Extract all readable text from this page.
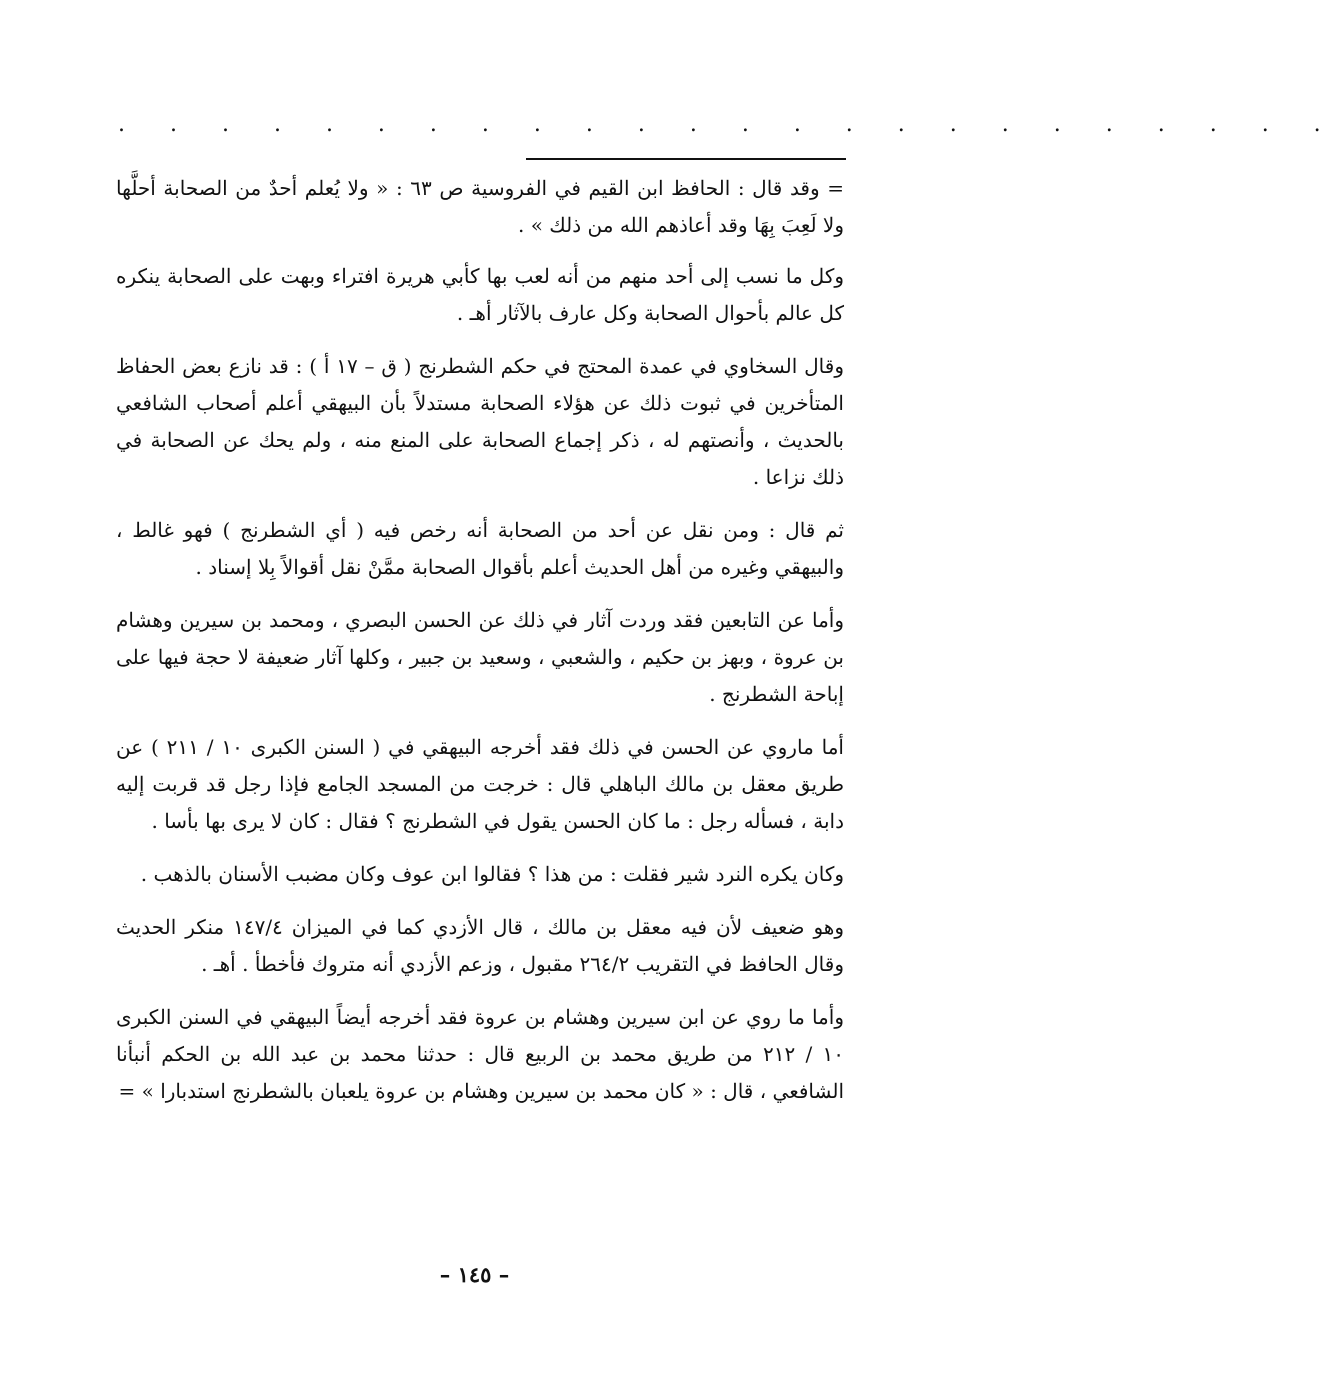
. . . . . . . . . . . . . . . . . . . . . . . .

= وقد قال : الحافظ ابن القيم في الفروسية ص ٦٣ : « ولا يُعلم أحدٌ من الصحابة أحلَّها ولا لَعِبَ بِهَا وقد أعاذهم الله من ذلك » .

وكل ما نسب إلى أحد منهم من أنه لعب بها كأبي هريرة افتراء وبهت على الصحابة ينكره كل عالم بأحوال الصحابة وكل عارف بالآثار أهـ .

وقال السخاوي في عمدة المحتج في حكم الشطرنج ( ق – ١٧ أ ) : قد نازع بعض الحفاظ المتأخرين في ثبوت ذلك عن هؤلاء الصحابة مستدلاً بأن البيهقي أعلم أصحاب الشافعي بالحديث ، وأنصتهم له ، ذكر إجماع الصحابة على المنع منه ، ولم يحك عن الصحابة في ذلك نزاعا .

ثم قال : ومن نقل عن أحد من الصحابة أنه رخص فيه ( أي الشطرنج ) فهو غالط ، والبيهقي وغيره من أهل الحديث أعلم بأقوال الصحابة ممَّنْ نقل أقوالاً بِلا إسناد .

وأما عن التابعين فقد وردت آثار في ذلك عن الحسن البصري ، ومحمد بن سيرين وهشام بن عروة ، وبهز بن حكيم ، والشعبي ، وسعيد بن جبير ، وكلها آثار ضعيفة لا حجة فيها على إباحة الشطرنج .

أما ماروي عن الحسن في ذلك فقد أخرجه البيهقي في ( السنن الكبرى ١٠ / ٢١١ ) عن طريق معقل بن مالك الباهلي قال : خرجت من المسجد الجامع فإذا رجل قد قربت إليه دابة ، فسأله رجل : ما كان الحسن يقول في الشطرنج ؟ فقال : كان لا يرى بها بأسا .

وكان يكره النرد شير فقلت : من هذا ؟ فقالوا ابن عوف وكان مضبب الأسنان بالذهب .

وهو ضعيف لأن فيه معقل بن مالك ، قال الأزدي كما في الميزان ١٤٧/٤ منكر الحديث وقال الحافظ في التقريب ٢٦٤/٢ مقبول ، وزعم الأزدي أنه متروك فأخطأ . أهـ .

وأما ما روي عن ابن سيرين وهشام بن عروة فقد أخرجه أيضاً البيهقي في السنن الكبرى ١٠ / ٢١٢ من طريق محمد بن الربيع قال : حدثنا محمد بن عبد الله بن الحكم أنبأنا الشافعي ، قال : « كان محمد بن سيرين وهشام بن عروة يلعبان بالشطرنج استدبارا » =

– ١٤٥ –
